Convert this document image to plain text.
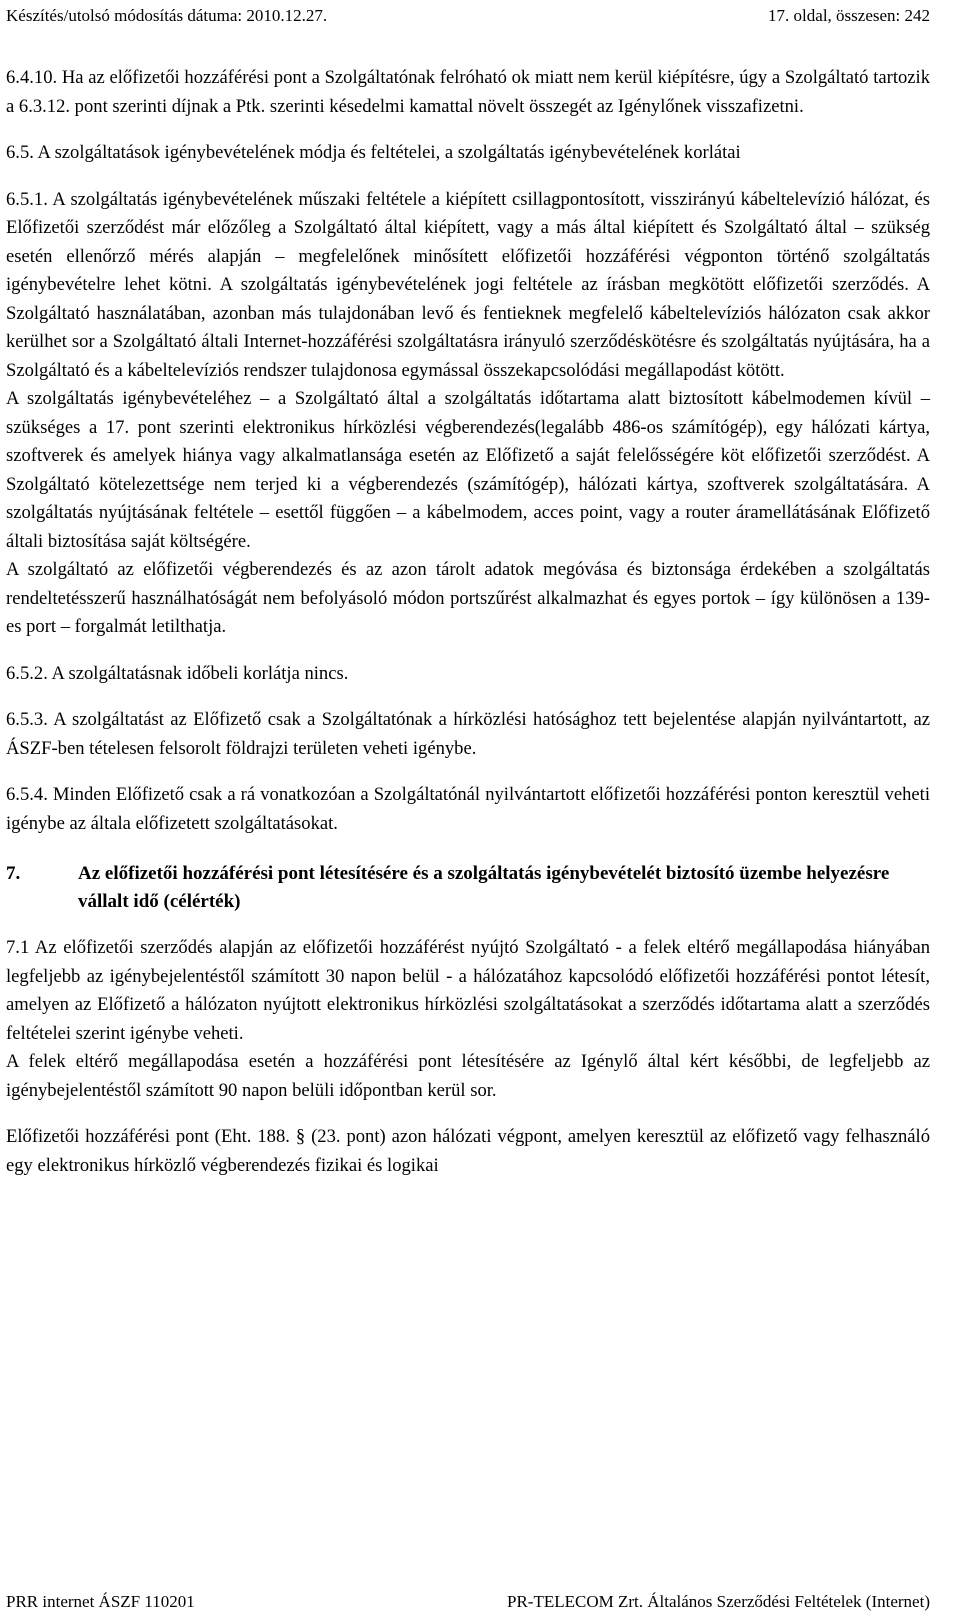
Készítés/utolsó módosítás dátuma: 2010.12.27.	17. oldal, összesen: 242

6.4.10. Ha az előfizetői hozzáférési pont a Szolgáltatónak felróható ok miatt nem kerül kiépítésre, úgy a Szolgáltató tartozik a 6.3.12. pont szerinti díjnak a Ptk. szerinti késedelmi kamattal növelt összegét az Igénylőnek visszafizetni.

6.5. A szolgáltatások igénybevételének módja és feltételei, a szolgáltatás igénybevételének korlátai

6.5.1. A szolgáltatás igénybevételének műszaki feltétele a kiépített csillagpontosított, visszirányú kábeltelevízió hálózat, és Előfizetői szerződést már előzőleg a Szolgáltató által kiépített, vagy a más által kiépített és Szolgáltató által – szükség esetén ellenőrző mérés alapján – megfelelőnek minősített előfizetői hozzáférési végponton történő szolgáltatás igénybevételre lehet kötni. A szolgáltatás igénybevételének jogi feltétele az írásban megkötött előfizetői szerződés. A Szolgáltató használatában, azonban más tulajdonában levő és fentieknek megfelelő kábeltelevíziós hálózaton csak akkor kerülhet sor a Szolgáltató általi Internet-hozzáférési szolgáltatásra irányuló szerződéskötésre és szolgáltatás nyújtására, ha a Szolgáltató és a kábeltelevíziós rendszer tulajdonosa egymással összekapcsolódási megállapodást kötött.

A szolgáltatás igénybevételéhez – a Szolgáltató által a szolgáltatás időtartama alatt biztosított kábelmodemen kívül – szükséges a 17. pont szerinti elektronikus hírközlési végberendezés(legalább 486-os számítógép), egy hálózati kártya, szoftverek és amelyek hiánya vagy alkalmatlansága esetén az Előfizető a saját felelősségére köt előfizetői szerződést. A Szolgáltató kötelezettsége nem terjed ki a végberendezés (számítógép), hálózati kártya, szoftverek szolgáltatására. A szolgáltatás nyújtásának feltétele – esettől függően – a kábelmodem, acces point, vagy a router áramellátásának Előfizető általi biztosítása saját költségére.

A szolgáltató az előfizetői végberendezés és az azon tárolt adatok megóvása és biztonsága érdekében a szolgáltatás rendeltetésszerű használhatóságát nem befolyásoló módon portszűrést alkalmazhat és egyes portok – így különösen a 139-es port – forgalmát letilthatja.

6.5.2. A szolgáltatásnak időbeli korlátja nincs.

6.5.3. A szolgáltatást az Előfizető csak a Szolgáltatónak a hírközlési hatósághoz tett bejelentése alapján nyilvántartott, az ÁSZF-ben tételesen felsorolt földrajzi területen veheti igénybe.

6.5.4. Minden Előfizető csak a rá vonatkozóan a Szolgáltatónál nyilvántartott előfizetői hozzáférési ponton keresztül veheti igénybe az általa előfizetett szolgáltatásokat.

7.	Az előfizetői hozzáférési pont létesítésére és a szolgáltatás igénybevételét biztosító üzembe helyezésre vállalt idő (célérték)

7.1 Az előfizetői szerződés alapján az előfizetői hozzáférést nyújtó Szolgáltató - a felek eltérő megállapodása hiányában legfeljebb az igénybejelentéstől számított 30 napon belül - a hálózatához kapcsolódó előfizetői hozzáférési pontot létesít, amelyen az Előfizető a hálózaton nyújtott elektronikus hírközlési szolgáltatásokat a szerződés időtartama alatt a szerződés feltételei szerint igénybe veheti.

A felek eltérő megállapodása esetén a hozzáférési pont létesítésére az Igénylő által kért későbbi, de legfeljebb az igénybejelentéstől számított 90 napon belüli időpontban kerül sor.

Előfizetői hozzáférési pont (Eht. 188. § (23. pont) azon hálózati végpont, amelyen keresztül az előfizető vagy felhasználó egy elektronikus hírközlő végberendezés fizikai és logikai

PRR internet ÁSZF 110201	PR-TELECOM Zrt. Általános Szerződési Feltételek (Internet)
